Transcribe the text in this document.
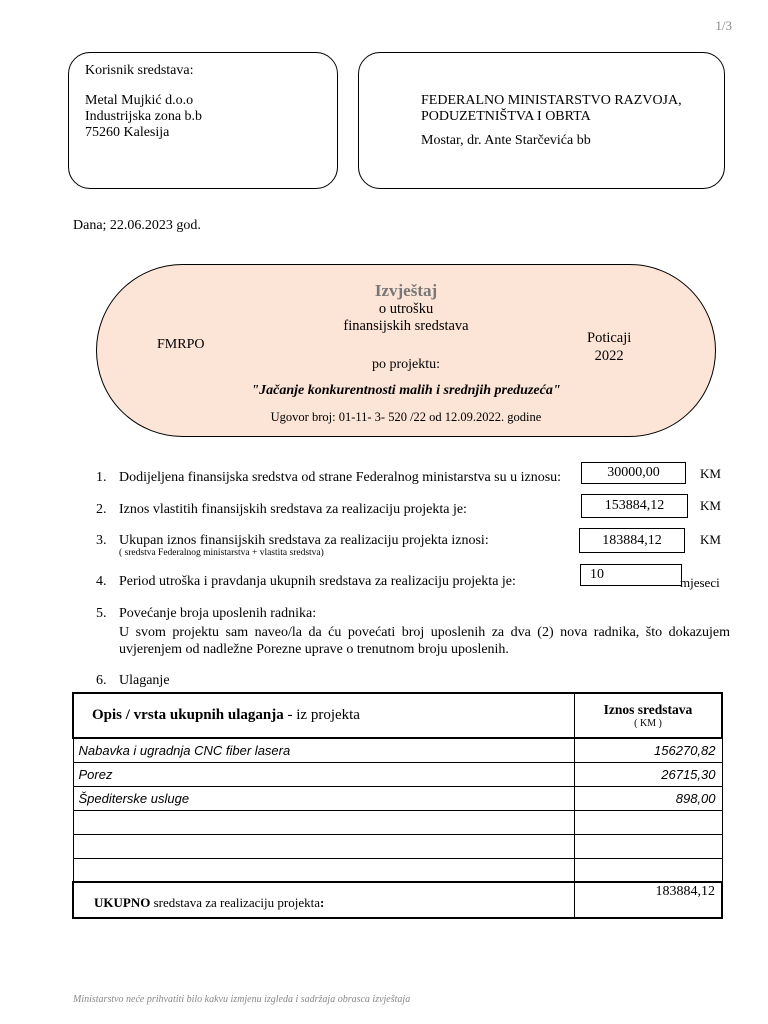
1/3
Korisnik sredstava:
Metal Mujkić d.o.o
Industrijska zona b.b
75260 Kalesija
FEDERALNO MINISTARSTVO RAZVOJA,
PODUZETNIŠTVA I OBRTA
Mostar, dr. Ante Starčevića bb
Dana; 22.06.2023 god.
Izvještaj
o utrošku
finansijskih sredstava
FMRPO	Poticaji
2022
po projektu:
"Jačanje konkurentnosti malih i srednjih preduzeća"
Ugovor broj: 01-11- 3- 520 /22 od 12.09.2022. godine
1. Dodijeljena finansijska sredstva od strane Federalnog ministarstva su u iznosu:	30000,00	KM
2. Iznos vlastitih finansijskih sredstava za realizaciju projekta je:	153884,12	KM
3. Ukupan iznos finansijskih sredstava za realizaciju projekta iznosi:
( sredstva Federalnog ministarstva + vlastita sredstva)
183884,12	KM
4. Period utroška i pravdanja ukupnih sredstava za realizaciju projekta je:	10
mjeseci
5. Povećanje broja uposlenih radnika:
U svom projektu sam naveo/la da ću povećati broj uposlenih za dva (2) nova radnika, što dokazujem uvjerenjem od nadležne Porezne uprave o trenutnom broju uposlenih.
6. Ulaganje
Opis / vrsta ukupnih ulaganja - iz projekta	Iznos sredstava
( KM )

Nabavka i ugradnja CNC fiber lasera	156270,82
Porez	26715,30
Špediterske usluge	898,00

UKUPNO sredstava za realizaciju projekta:	183884,12
Ministarstvo neće prihvatiti bilo kakvu izmjenu izgleda i sadržaja obrasca izvještaja
